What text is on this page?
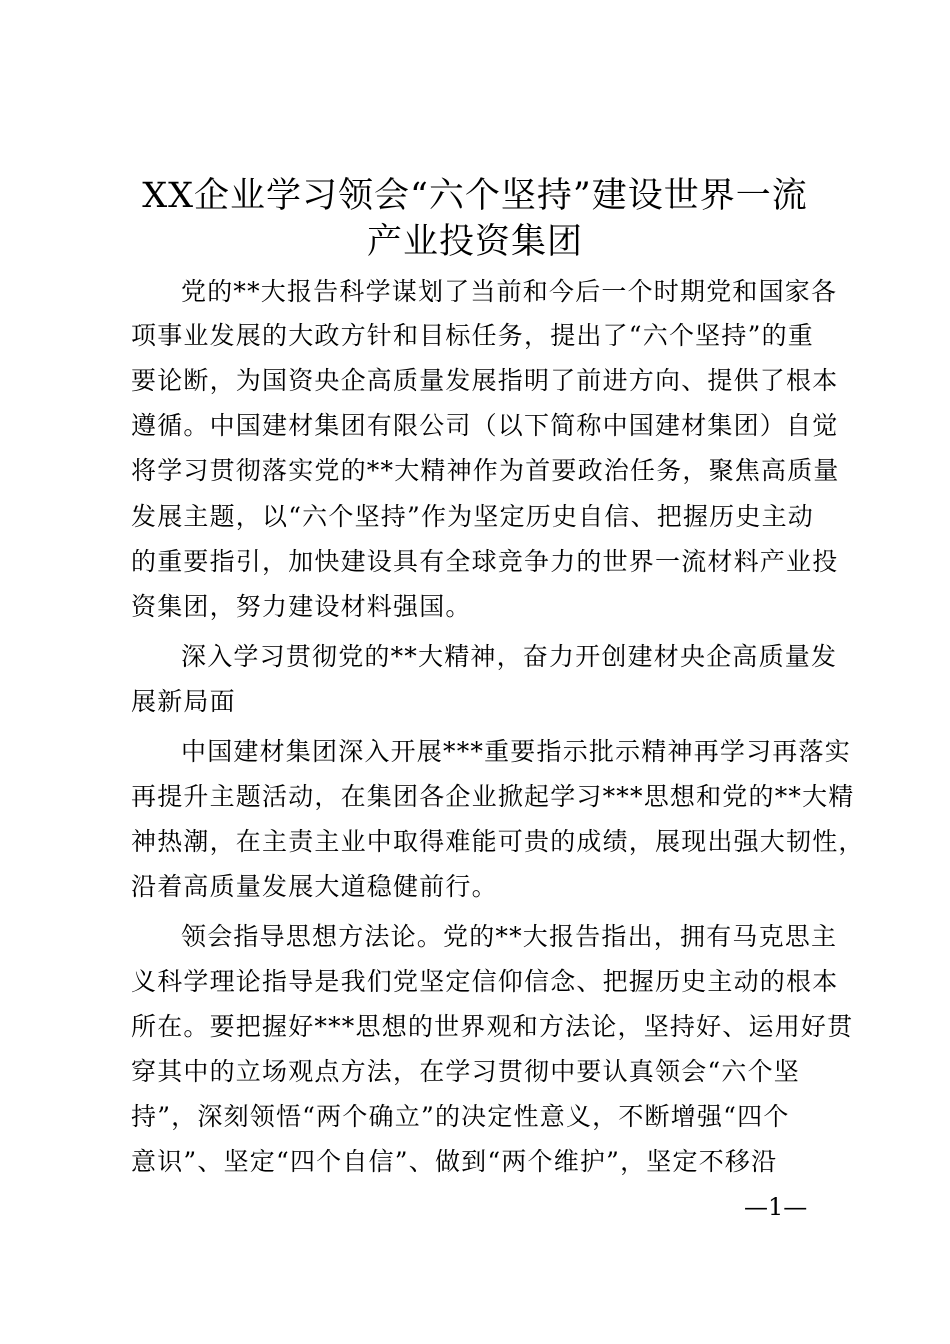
XX企业学习领会“六个坚持”建设世界一流
产业投资集团
党的**大报告科学谋划了当前和今后一个时期党和国家各
项事业发展的大政方针和目标任务，提出了“六个坚持”的重
要论断，为国资央企高质量发展指明了前进方向、提供了根本
遵循。中国建材集团有限公司（以下简称中国建材集团）自觉
将学习贯彻落实党的**大精神作为首要政治任务，聚焦高质量
发展主题，以“六个坚持”作为坚定历史自信、把握历史主动
的重要指引，加快建设具有全球竞争力的世界一流材料产业投
资集团，努力建设材料强国。
深入学习贯彻党的**大精神，奋力开创建材央企高质量发
展新局面
中国建材集团深入开展***重要指示批示精神再学习再落实
再提升主题活动，在集团各企业掀起学习***思想和党的**大精
神热潮，在主责主业中取得难能可贵的成绩，展现出强大韧性，
沿着高质量发展大道稳健前行。
领会指导思想方法论。党的**大报告指出，拥有马克思主
义科学理论指导是我们党坚定信仰信念、把握历史主动的根本
所在。要把握好***思想的世界观和方法论，坚持好、运用好贯
穿其中的立场观点方法，在学习贯彻中要认真领会“六个坚
持”，深刻领悟“两个确立”的决定性意义，不断增强“四个
意识”、坚定“四个自信”、做到“两个维护”，坚定不移沿
—1—
